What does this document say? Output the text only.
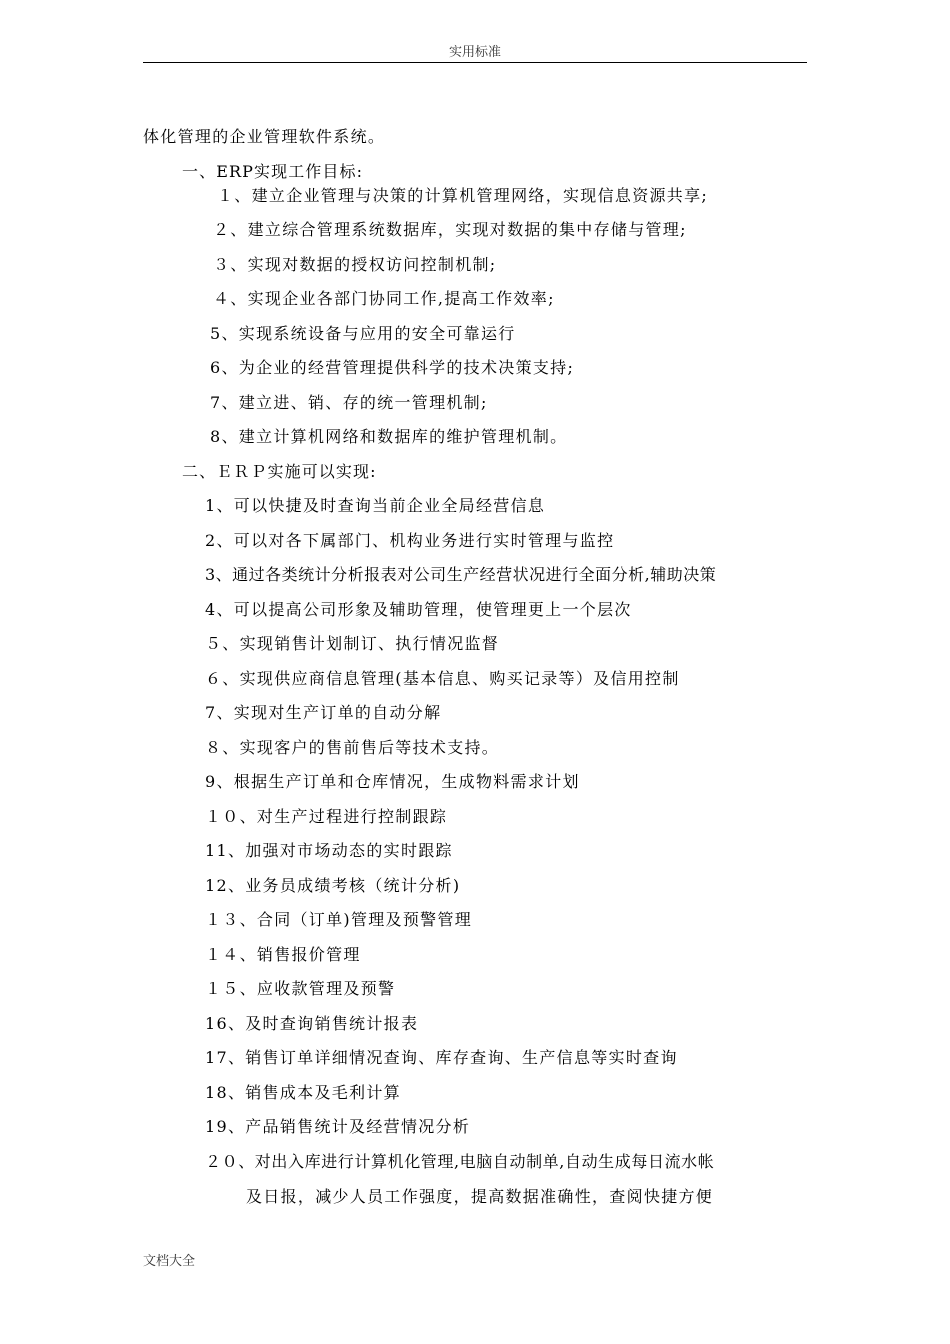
实用标准
体化管理的企业管理软件系统。
一、ERP实现工作目标:
１、建立企业管理与决策的计算机管理网络，实现信息资源共享;
２、建立综合管理系统数据库，实现对数据的集中存储与管理;
３、实现对数据的授权访问控制机制;
４、实现企业各部门协同工作,提高工作效率;
5、实现系统设备与应用的安全可靠运行
6、为企业的经营管理提供科学的技术决策支持;
7、建立进、销、存的统一管理机制;
8、建立计算机网络和数据库的维护管理机制。
二、ＥＲＰ实施可以实现:
1、可以快捷及时查询当前企业全局经营信息
2、可以对各下属部门、机构业务进行实时管理与监控
3、通过各类统计分析报表对公司生产经营状况进行全面分析,辅助决策
4、可以提高公司形象及辅助管理，使管理更上一个层次
５、实现销售计划制订、执行情况监督
６、实现供应商信息管理(基本信息、购买记录等）及信用控制
7、实现对生产订单的自动分解
８、实现客户的售前售后等技术支持。
9、根据生产订单和仓库情况，生成物料需求计划
１０、对生产过程进行控制跟踪
11、加强对市场动态的实时跟踪
12、业务员成绩考核（统计分析)
１３、合同（订单)管理及预警管理
１４、销售报价管理
１５、应收款管理及预警
16、及时查询销售统计报表
17、销售订单详细情况查询、库存查询、生产信息等实时查询
18、销售成本及毛利计算
19、产品销售统计及经营情况分析
２０、对出入库进行计算机化管理,电脑自动制单,自动生成每日流水帐
及日报，减少人员工作强度，提高数据准确性，查阅快捷方便
文档大全
